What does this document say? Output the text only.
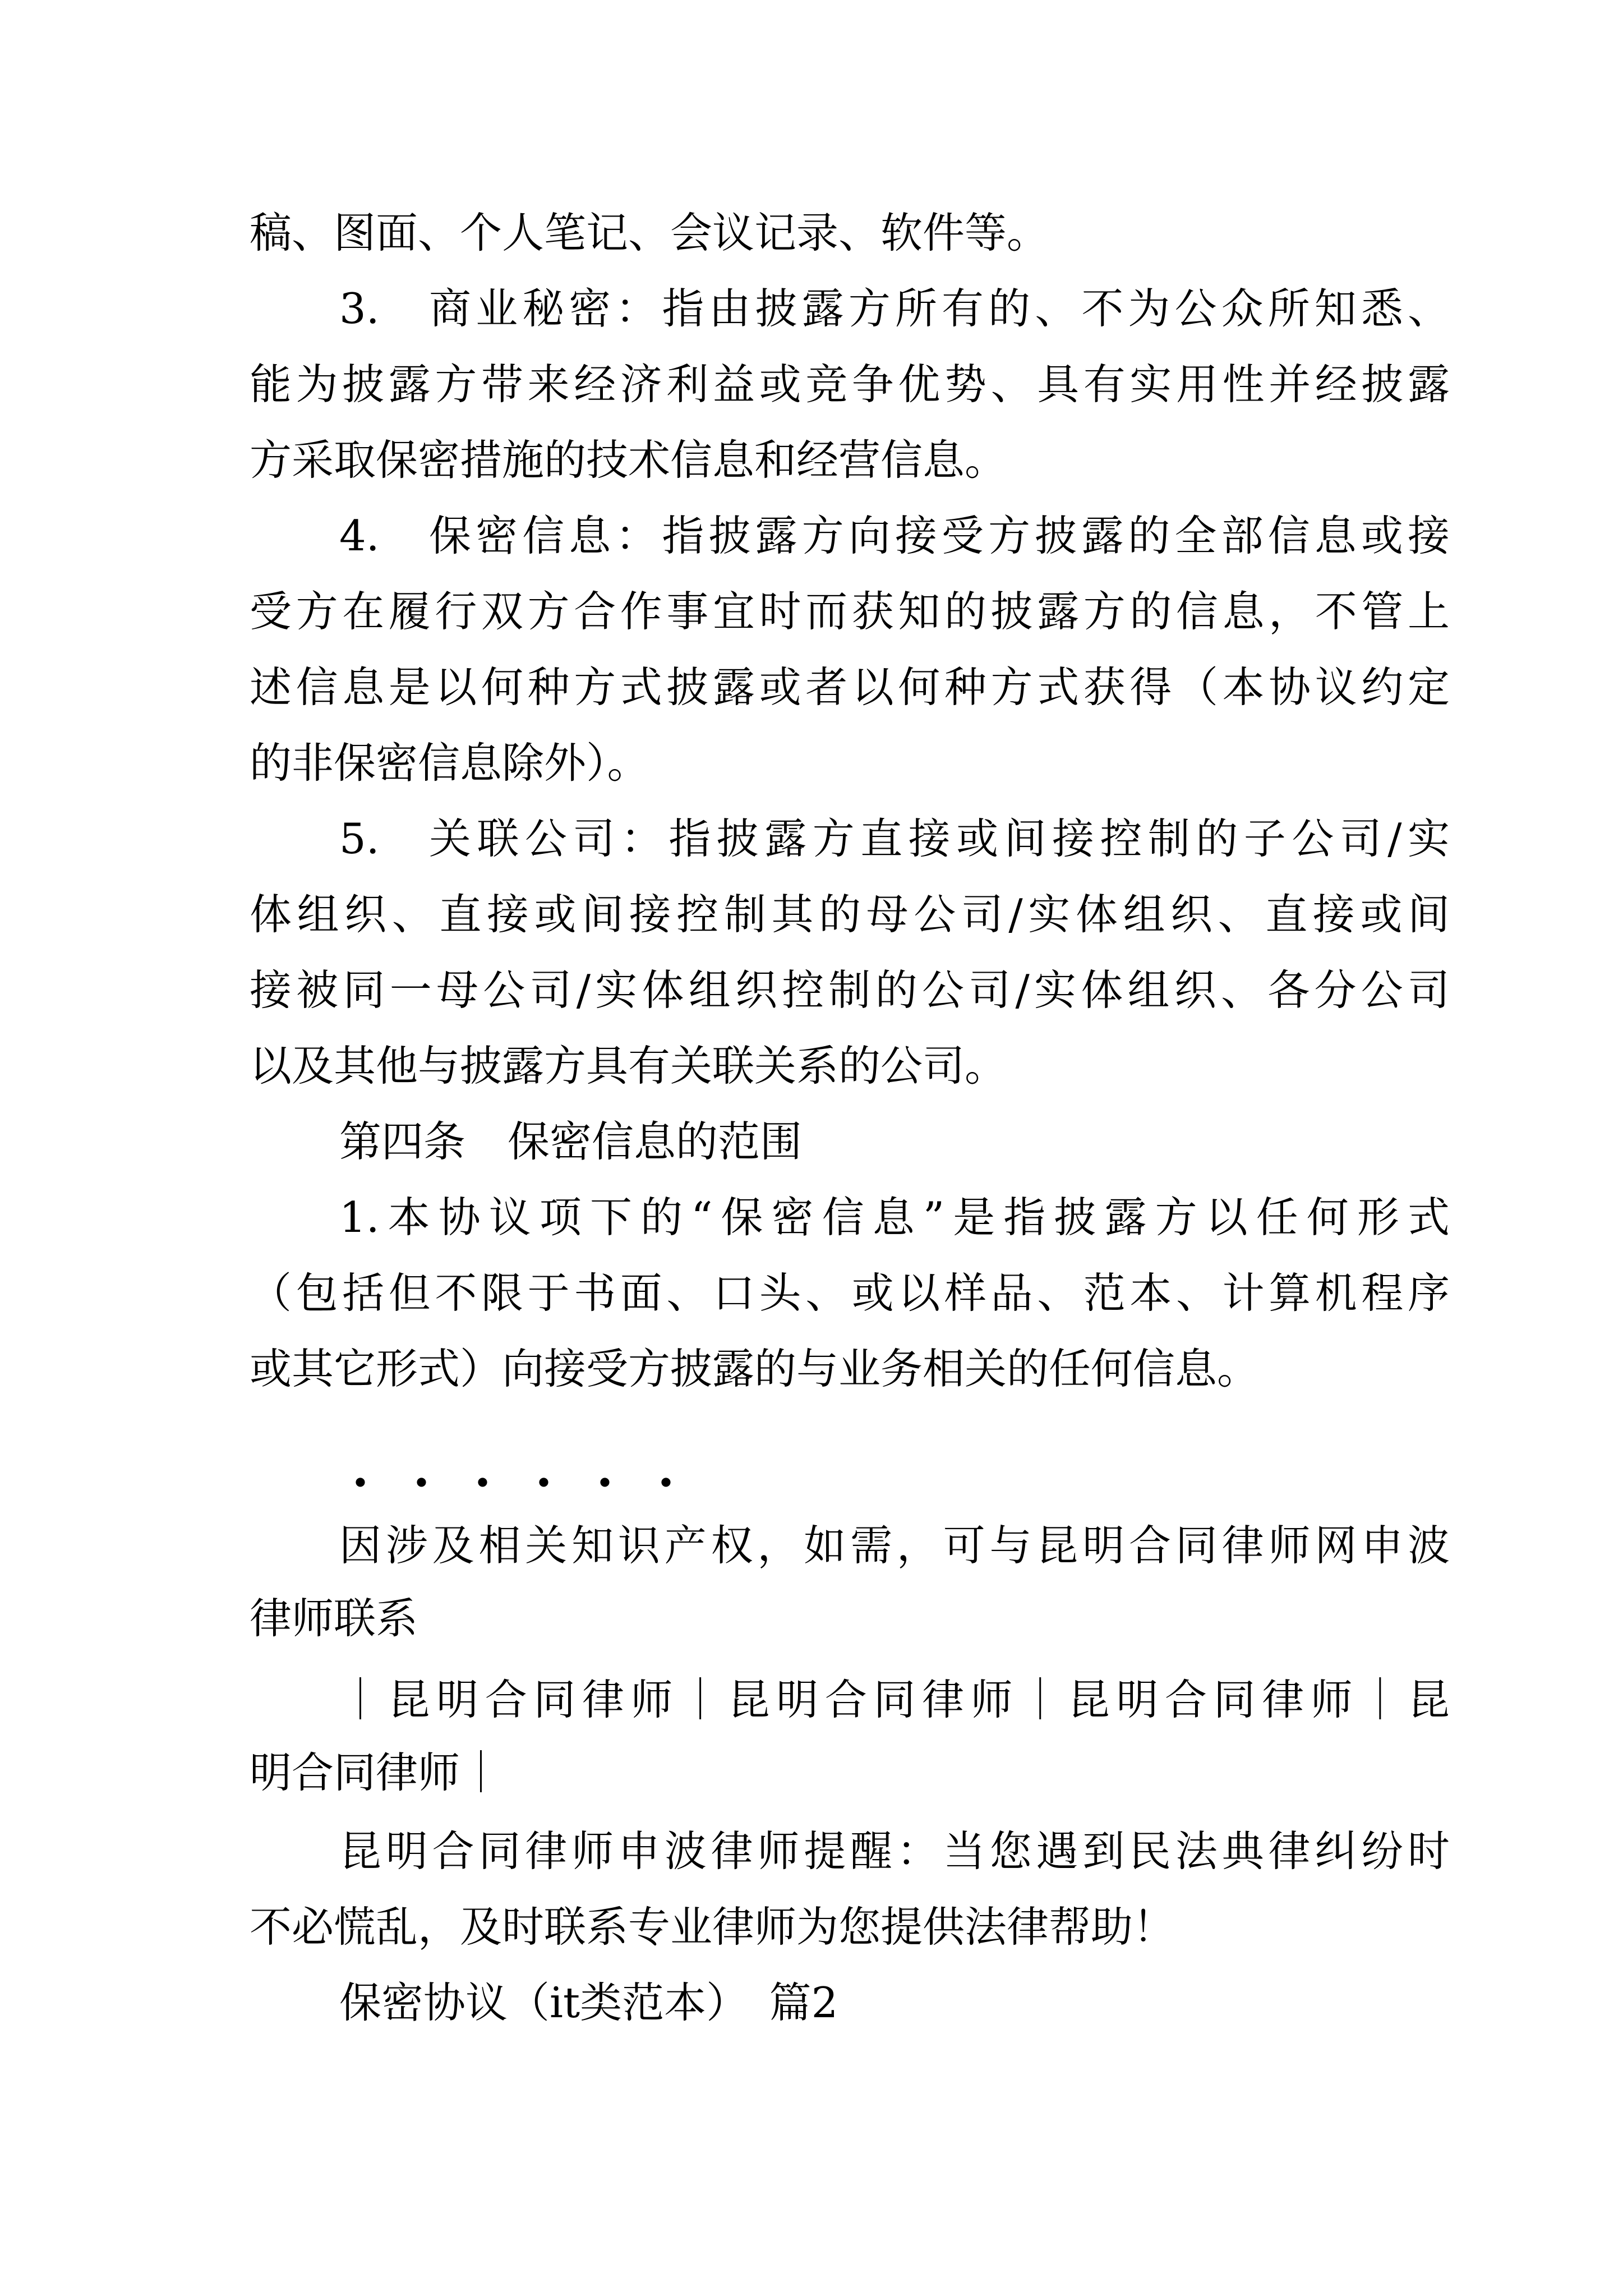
稿、图面、个人笔记、会议记录、软件等。
3.	商业秘密：指由披露方所有的、不为公众所知悉、
能为披露方带来经济利益或竞争优势、具有实用性并经披露
方采取保密措施的技术信息和经营信息。
4.	保密信息：指披露方向接受方披露的全部信息或接
受方在履行双方合作事宜时而获知的披露方的信息，不管上
述信息是以何种方式披露或者以何种方式获得（本协议约定
的非保密信息除外）。
5.	关联公司：指披露方直接或间接控制的子公司/实
体组织、直接或间接控制其的母公司/实体组织、直接或间
接被同一母公司/实体组织控制的公司/实体组织、各分公司
以及其他与披露方具有关联关系的公司。
第四条　保密信息的范围
1.本协议项下的“保密信息”是指披露方以任何形式
（包括但不限于书面、口头、或以样品、范本、计算机程序
或其它形式）向接受方披露的与业务相关的任何信息。
・・・・・・
因涉及相关知识产权，如需，可与昆明合同律师网申波
律师联系
｜昆明合同律师｜昆明合同律师｜昆明合同律师｜昆
明合同律师｜
昆明合同律师申波律师提醒：当您遇到民法典律纠纷时
不必慌乱，及时联系专业律师为您提供法律帮助！
保密协议（it类范本）　篇2
